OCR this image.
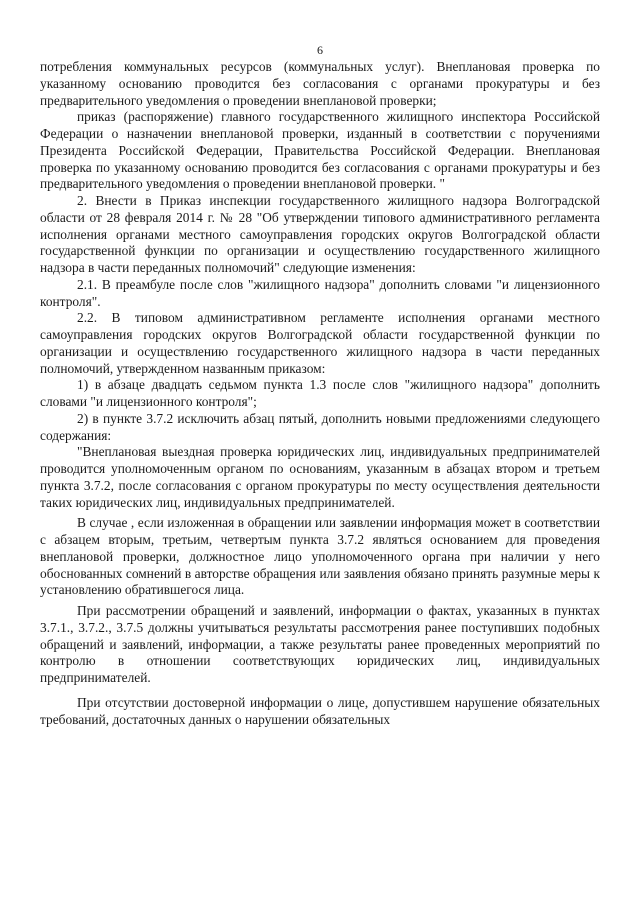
6

потребления коммунальных ресурсов (коммунальных услуг). Внеплановая проверка по указанному основанию проводится без согласования с органами прокуратуры и без предварительного уведомления о проведении внеплановой проверки;

приказ (распоряжение) главного государственного жилищного инспектора Российской Федерации о назначении внеплановой проверки, изданный в соответствии с поручениями Президента Российской Федерации, Правительства Российской Федерации. Внеплановая проверка по указанному основанию проводится без согласования с органами прокуратуры и без предварительного уведомления о проведении внеплановой проверки. "

2. Внести в Приказ инспекции государственного жилищного надзора Волгоградской области от 28 февраля 2014 г. № 28 "Об утверждении типового административного регламента исполнения органами местного самоуправления городских округов Волгоградской области государственной функции по организации и осуществлению государственного жилищного надзора в части переданных полномочий" следующие изменения:

2.1. В преамбуле после слов "жилищного надзора" дополнить словами "и лицензионного контроля".

2.2. В типовом административном регламенте исполнения органами местного самоуправления городских округов Волгоградской области государственной функции по организации и осуществлению государственного жилищного надзора в части переданных полномочий, утвержденном названным приказом:

1) в абзаце двадцать седьмом пункта 1.3 после слов "жилищного надзора" дополнить словами "и лицензионного контроля";

2) в пункте 3.7.2 исключить абзац пятый, дополнить новыми предложениями следующего содержания:

"Внеплановая выездная проверка юридических лиц, индивидуальных предпринимателей проводится уполномоченным органом по основаниям, указанным в абзацах втором и третьем пункта 3.7.2, после согласования с органом прокуратуры по месту осуществления деятельности таких юридических лиц, индивидуальных предпринимателей.

В случае , если изложенная в обращении или заявлении информация может в соответствии с абзацем вторым, третьим, четвертым пункта 3.7.2 являться основанием для проведения внеплановой проверки, должностное лицо уполномоченного органа при наличии у него обоснованных сомнений в авторстве обращения или заявления обязано принять разумные меры к установлению обратившегося лица.

При рассмотрении обращений и заявлений, информации о фактах, указанных в пунктах 3.7.1., 3.7.2., 3.7.5 должны учитываться результаты рассмотрения ранее поступивших подобных обращений и заявлений, информации, а также результаты ранее проведенных мероприятий по контролю в отношении соответствующих юридических лиц, индивидуальных предпринимателей.

При отсутствии достоверной информации о лице, допустившем нарушение обязательных требований, достаточных данных о нарушении обязательных
